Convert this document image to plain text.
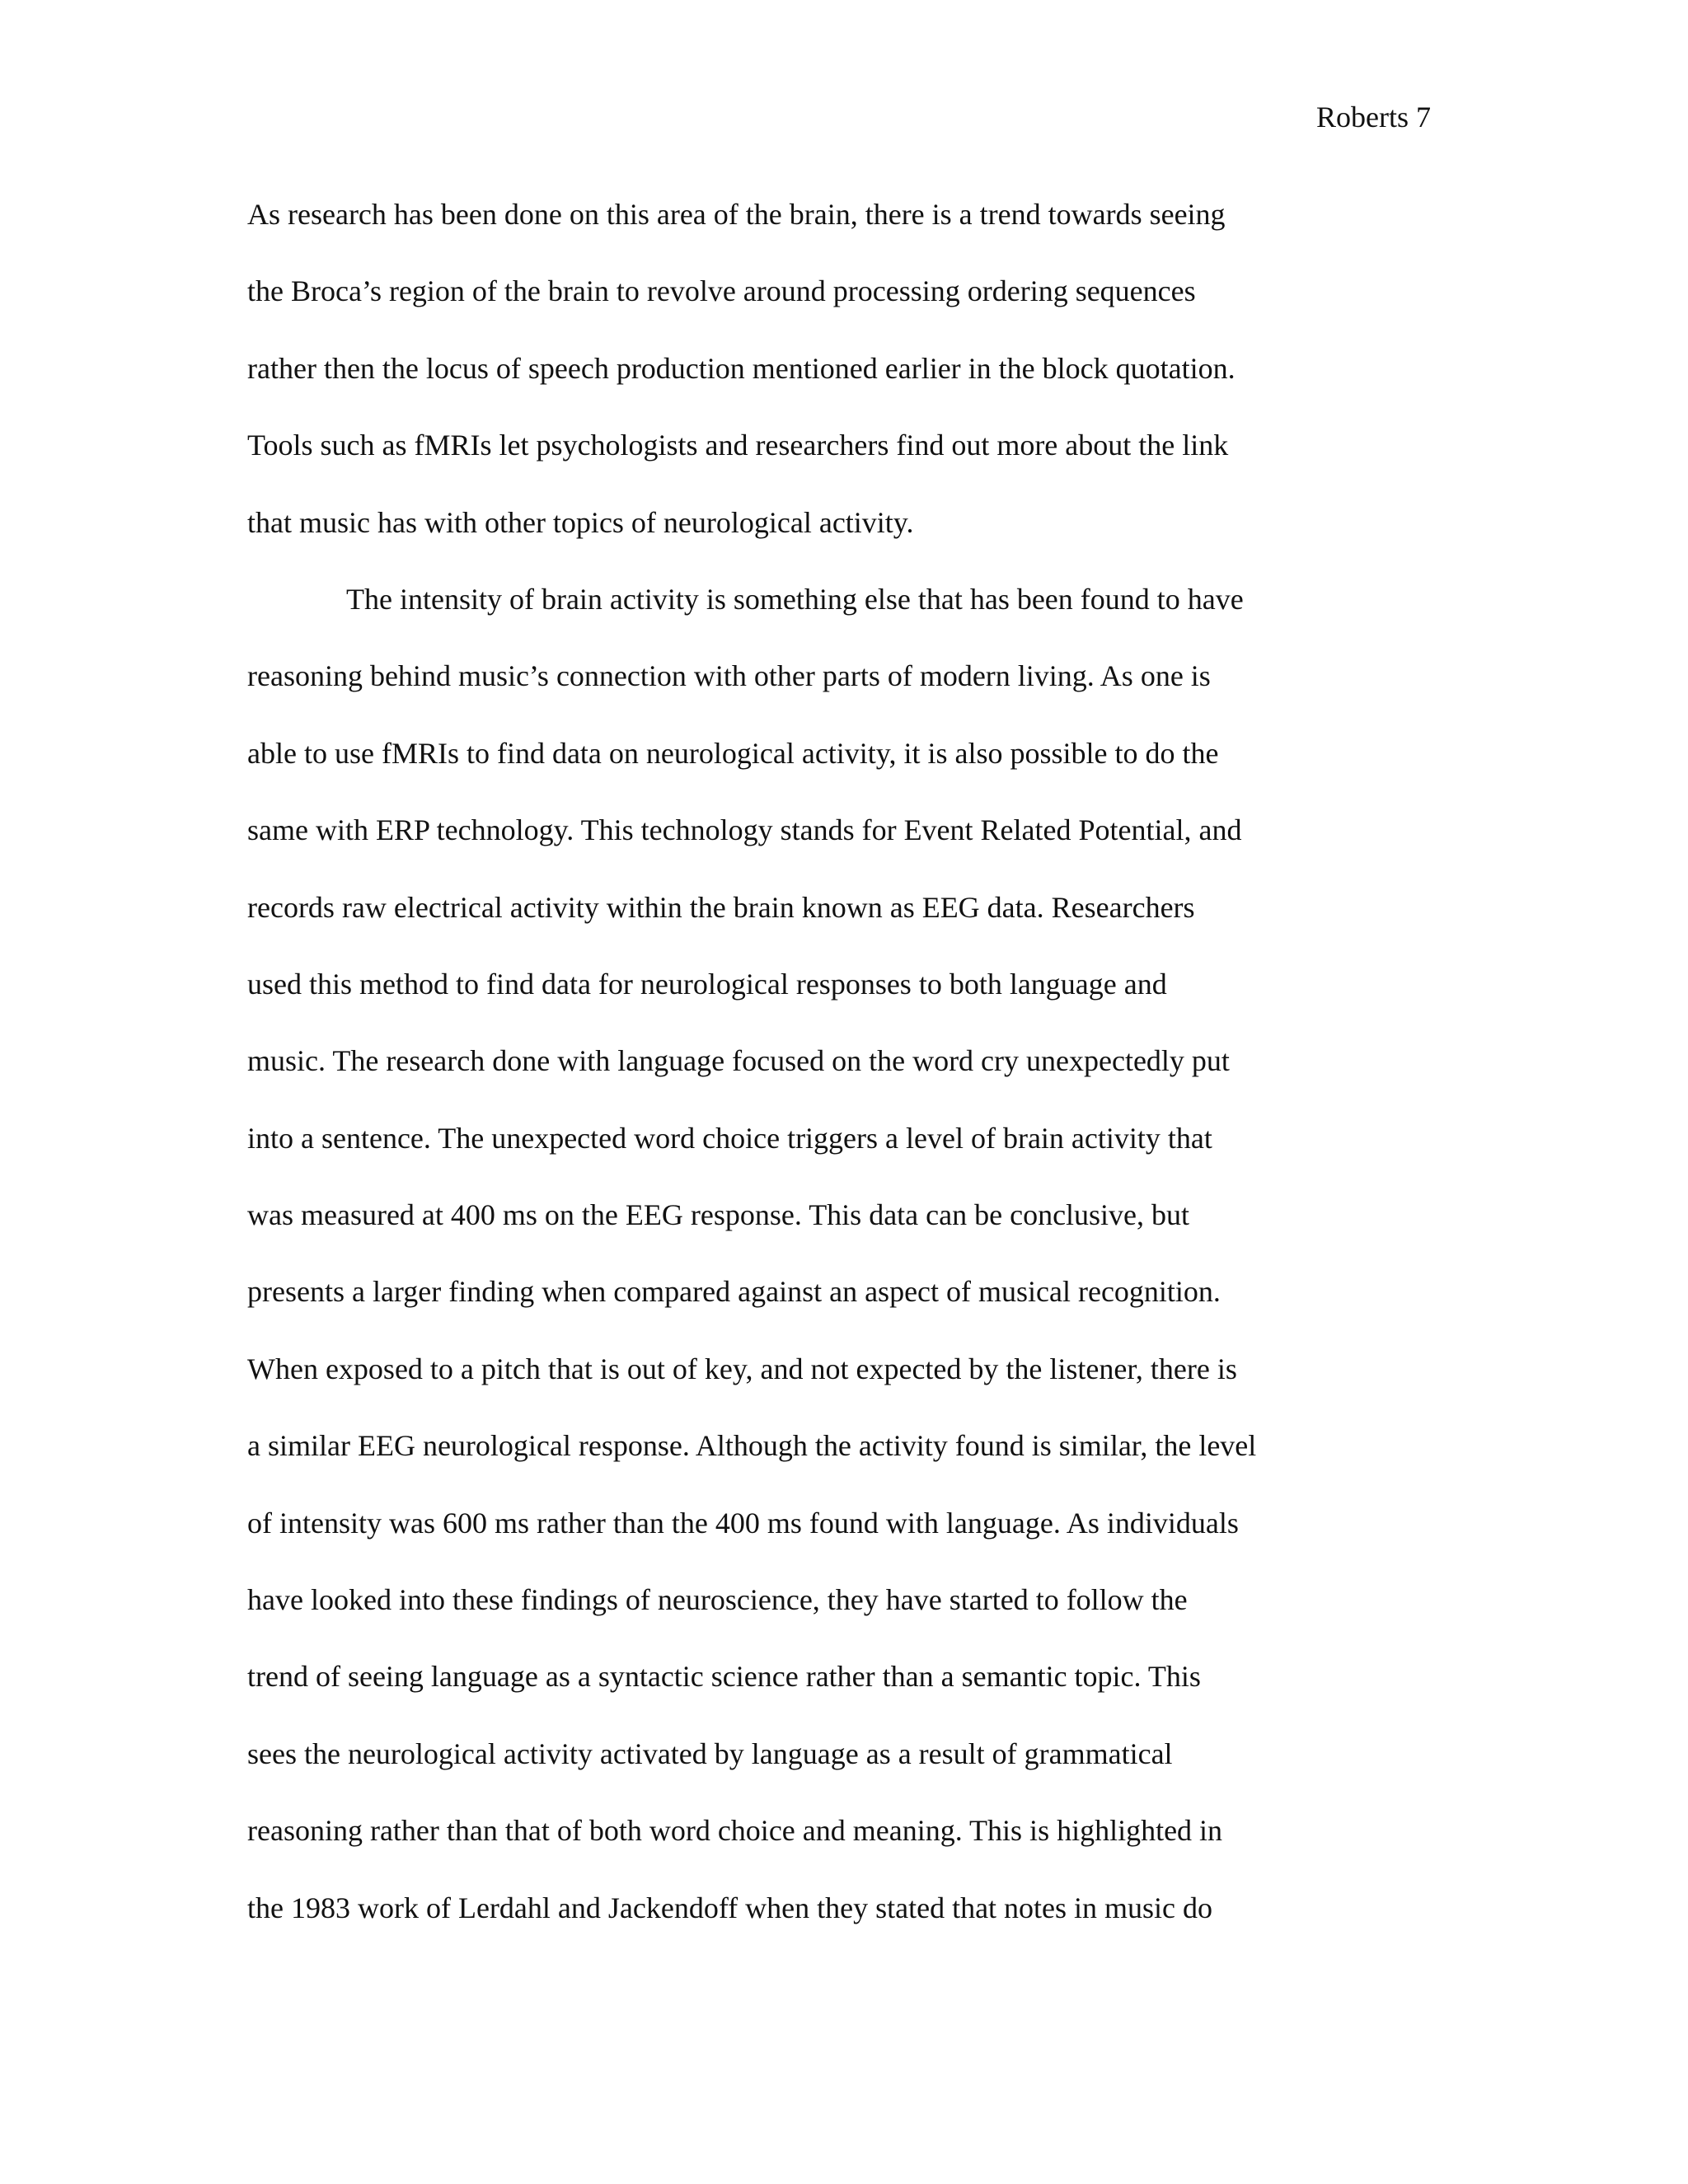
Roberts 7
As research has been done on this area of the brain, there is a trend towards seeing
the Broca’s region of the brain to revolve around processing ordering sequences
rather then the locus of speech production mentioned earlier in the block quotation.
Tools such as fMRIs let psychologists and researchers find out more about the link
that music has with other topics of neurological activity.
The intensity of brain activity is something else that has been found to have
reasoning behind music’s connection with other parts of modern living. As one is
able to use fMRIs to find data on neurological activity, it is also possible to do the
same with ERP technology. This technology stands for Event Related Potential, and
records raw electrical activity within the brain known as EEG data. Researchers
used this method to find data for neurological responses to both language and
music. The research done with language focused on the word cry unexpectedly put
into a sentence. The unexpected word choice triggers a level of brain activity that
was measured at 400 ms on the EEG response. This data can be conclusive, but
presents a larger finding when compared against an aspect of musical recognition.
When exposed to a pitch that is out of key, and not expected by the listener, there is
a similar EEG neurological response. Although the activity found is similar, the level
of intensity was 600 ms rather than the 400 ms found with language. As individuals
have looked into these findings of neuroscience, they have started to follow the
trend of seeing language as a syntactic science rather than a semantic topic. This
sees the neurological activity activated by language as a result of grammatical
reasoning rather than that of both word choice and meaning. This is highlighted in
the 1983 work of Lerdahl and Jackendoff when they stated that notes in music do
